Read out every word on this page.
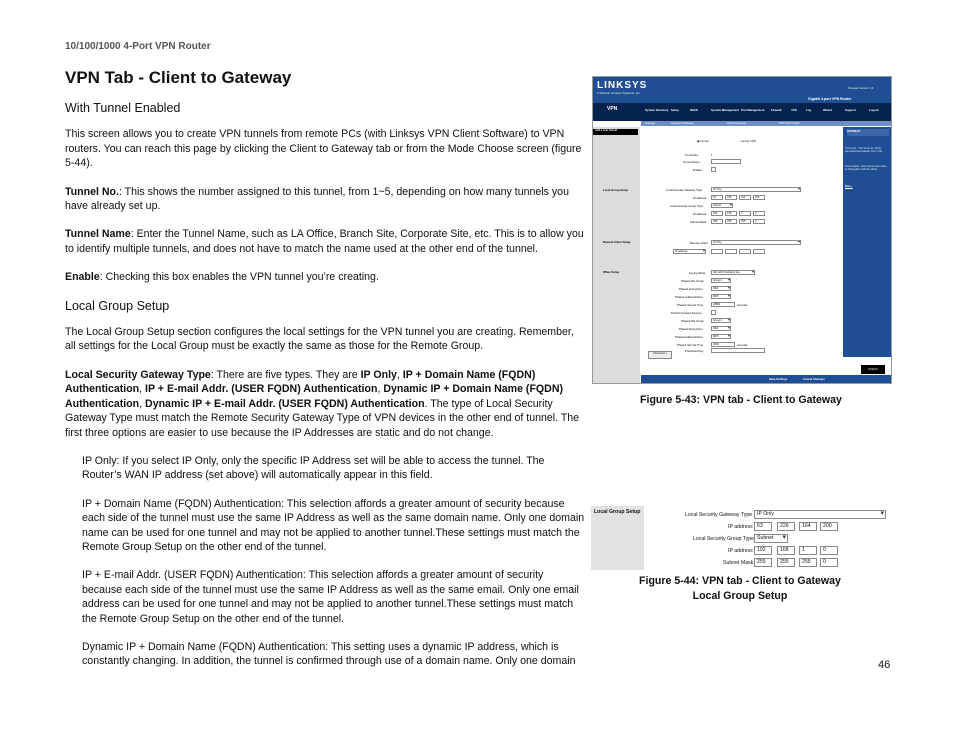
10/100/1000 4-Port VPN Router
VPN Tab - Client to Gateway

With Tunnel Enabled

This screen allows you to create VPN tunnels from remote PCs (with Linksys VPN Client Software) to VPN routers. You can reach this page by clicking the Client to Gateway tab or from the Mode Choose screen (figure 5-44).

Tunnel No.: This shows the number assigned to this tunnel, from 1~5, depending on how many tunnels you have already set up.

Tunnel Name: Enter the Tunnel Name, such as LA Office, Branch Site, Corporate Site, etc. This is to allow you to identify multiple tunnels, and does not have to match the name used at the other end of the tunnel.

Enable: Checking this box enables the VPN tunnel you’re creating.

Local Group Setup

The Local Group Setup section configures the local settings for the VPN tunnel you are creating. Remember, all settings for the Local Group must be exactly the same as those for the Remote Group.

Local Security Gateway Type: There are five types. They are IP Only, IP + Domain Name (FQDN) Authentication, IP + E-mail Addr. (USER FQDN) Authentication, Dynamic IP + Domain Name (FQDN) Authentication, Dynamic IP + E-mail Addr. (USER FQDN) Authentication. The type of Local Security Gateway Type must match the Remote Security Gateway Type of VPN devices in the other end of tunnel. The first three options are easier to use because the IP Addresses are static and do not change.

IP Only: If you select IP Only, only the specific IP Address set will be able to access the tunnel. The Router’s WAN IP address (set above) will automatically appear in this field.

IP + Domain Name (FQDN) Authentication: This selection affords a greater amount of security because each side of the tunnel must use the same IP Address as well as the same domain name. Only one domain name can be used for one tunnel and may not be applied to another tunnel.These settings must match the Remote Group Setup on the other end of the tunnel.

IP + E-mail Addr. (USER FQDN) Authentication: This selection affords a greater amount of security because each side of the tunnel must use the same IP Address as well as the same email. Only one email address can be used for one tunnel and may not be applied to another tunnel.These settings must match the Remote Group Setup on the other end of the tunnel.

Dynamic IP + Domain Name (FQDN) Authentication: This setting uses a dynamic IP address, which is constantly changing. In addition, the tunnel is confirmed through use of a domain name. Only one domain	46
LINKSYS
A Division of Cisco Systems, Inc.
Firmware Version: 1.0
Gigabit 4-port VPN Router
VPN	System Summary Setup	DHCP	System Management Port Management Firewall	VPN	Log	Wizard	Support	Logout
Summary	Gateway to Gateway	Client to Gateway	VPN Pass Through
Add a new Tunnel
Local Group Setup
Remote Client Setup
IPSec Setup
◉ Tunnel	○ Group VPN
Tunnel No.	1
Tunnel Name
Enable
Local Security Gateway Type	IP Only ▾
IP address	63	226	164	200
Local Security Group Type	Subnet ▾
IP address	192	168	1	0
Subnet Mask	255	255	255	0
Remote Client	IP Only ▾
IP address ▾
Keying Mode	IKE with Preshared key ▾
Phase1 DH Group	Group1 ▾
Phase1 Encryption	DES ▾
Phase1 Authentication	MD5 ▾
Phase1 SA Life Time	28800	seconds
Perfect Forward Secrecy
Phase2 DH Group	Group1 ▾
Phase2 Encryption	DES ▾
Phase2 Authentication	MD5 ▾
Phase2 SA Life Time	3600	seconds
Preshared Key
Advanced +
SITEMAP
Tunnel No. : This tunnel no. will be generated automatically from 1~50.
Tunnel Name : Enter the tunnel's name to distinguish it with the others.
More...
CISCO
Save Settings	Cancel Changes
Figure 5-43: VPN tab - Client to Gateway
Local Group Setup	Local Security Gateway Type IP Only ▾
IP address 63	226	164	200
Local Security Group Type Subnet ▾
IP address 192	168	1	0
Subnet Mask 255	255	255	0
Figure 5-44: VPN tab - Client to Gateway
Local Group Setup
